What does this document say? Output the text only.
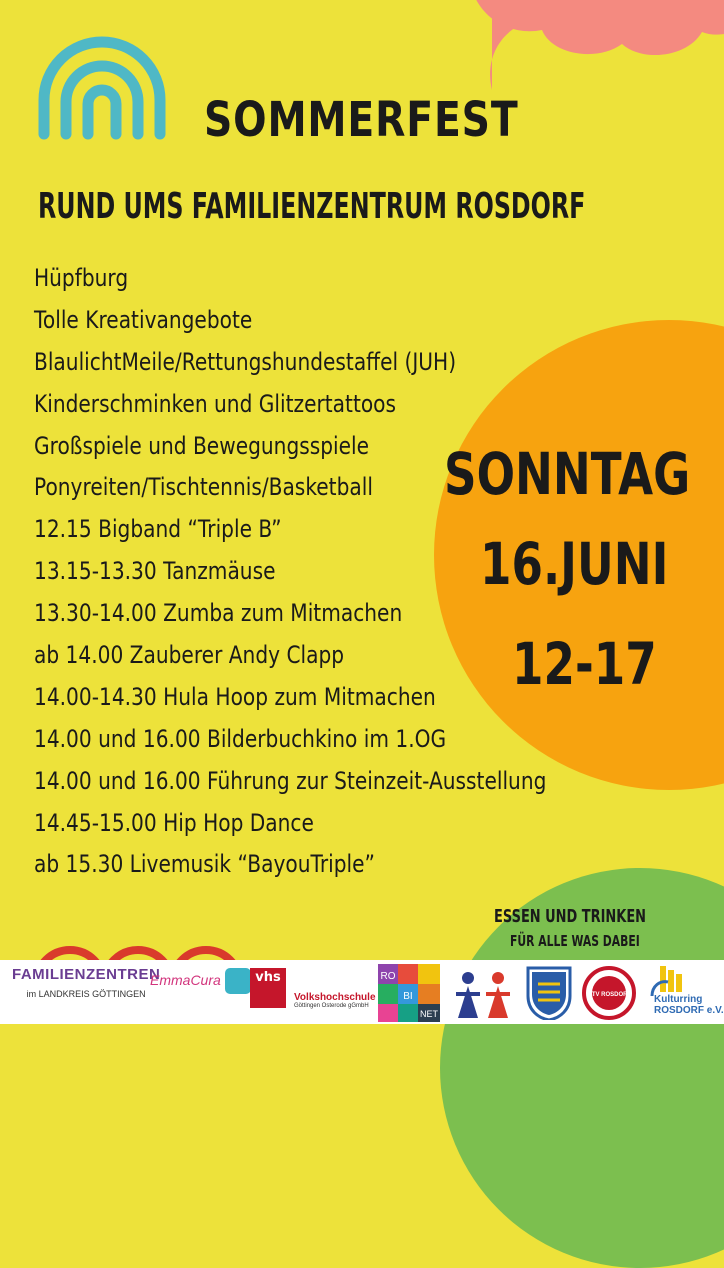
SOMMERFEST
RUND UMS FAMILIENZENTRUM ROSDORF
Hüpfburg
Tolle Kreativangebote
BlaulichtMeile/Rettungshundestaffel (JUH)
Kinderschminken und Glitzertattoos
Großspiele und Bewegungsspiele
Ponyreiten/Tischtennis/Basketball
12.15 Bigband “Triple B”
13.15-13.30 Tanzmäuse
13.30-14.00 Zumba zum Mitmachen
ab 14.00 Zauberer Andy Clapp
14.00-14.30 Hula Hoop zum Mitmachen
14.00 und 16.00 Bilderbuchkino im 1.OG
14.00 und 16.00 Führung zur Steinzeit-Ausstellung
14.45-15.00 Hip Hop Dance
ab 15.30 Livemusik “BayouTriple”
SONNTAG
16.JUNI
12-17
ESSEN UND TRINKEN
FÜR ALLE WAS DABEI
FAMILIENZENTREN
im LANDKREIS GÖTTINGEN
EmmaCura	vhs
Volkshochschule
Göttingen Osterode gGmbH
RO
BI
NET
MTV ROSDORF Kulturring
ROSDORF e.V.
